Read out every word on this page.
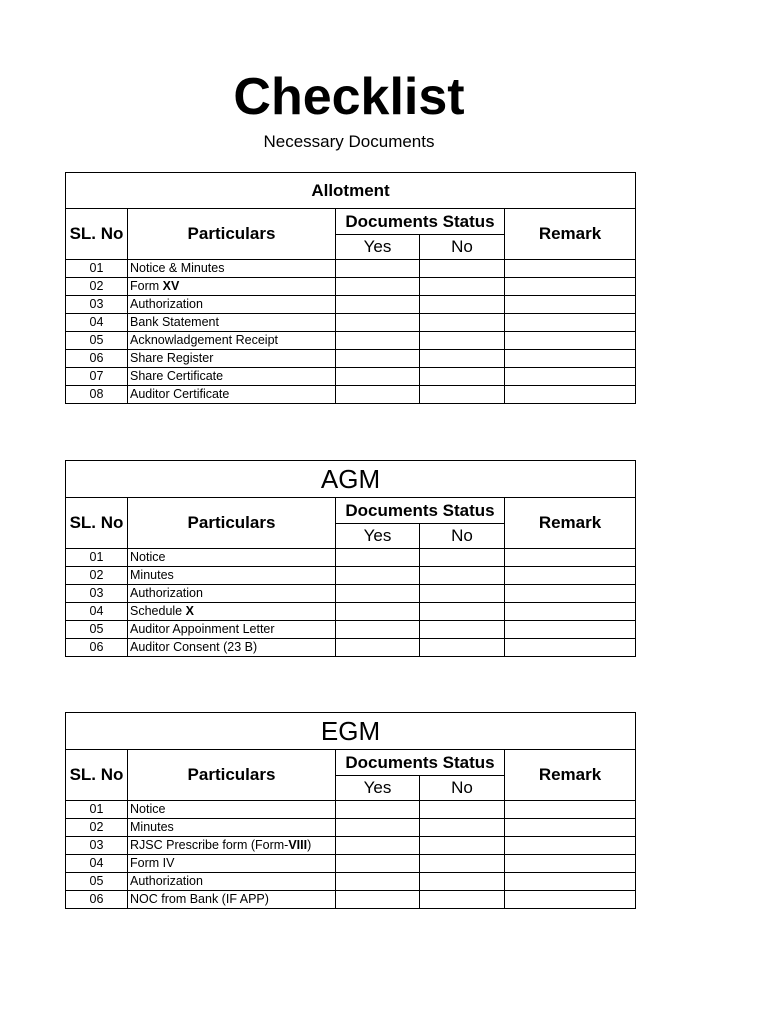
Checklist
Necessary Documents
Allotment				
SL. No	Particulars	Documents Status		Remark
		Yes	No	
01	Notice & Minutes			
02	Form XV			
03	Authorization			
04	Bank Statement			
05	Acknowladgement Receipt			
06	Share Register			
07	Share Certificate			
08	Auditor Certificate			
AGM				
SL. No	Particulars	Documents Status		Remark
		Yes	No	
01	Notice			
02	Minutes			
03	Authorization			
04	Schedule X			
05	Auditor Appoinment Letter			
06	Auditor Consent (23 B)			
EGM				
SL. No	Particulars	Documents Status		Remark
		Yes	No	
01	Notice			
02	Minutes			
03	RJSC Prescribe form (Form-VIII)			
04	Form IV			
05	Authorization			
06	NOC from Bank (IF APP)			
